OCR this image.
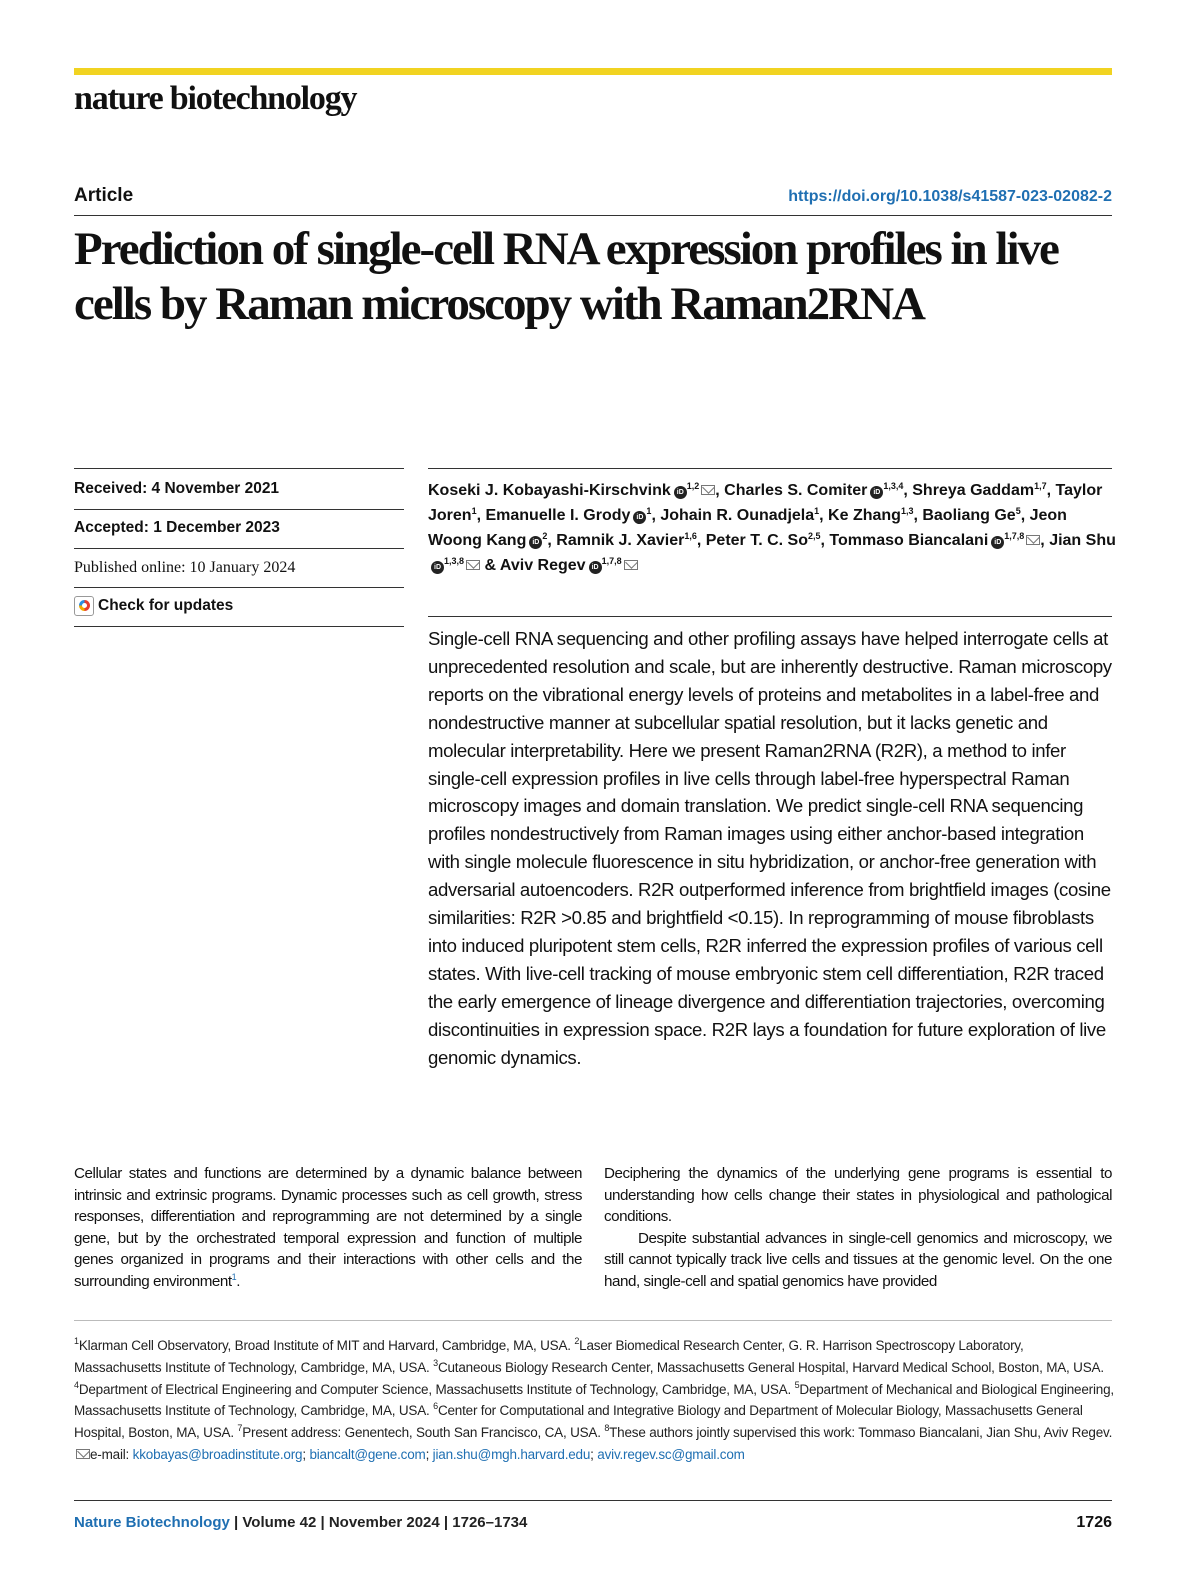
nature biotechnology
Article	https://doi.org/10.1038/s41587-023-02082-2
Prediction of single-cell RNA expression profiles in live cells by Raman microscopy with Raman2RNA
Received: 4 November 2021
Accepted: 1 December 2023
Published online: 10 January 2024
Check for updates
Koseki J. Kobayashi-Kirschvink iD$^{1,2}$ , Charles S. Comiter iD$^{1,3,4}$, Shreya Gaddam$^{1,7}$, Taylor Joren$^1$, Emanuelle I. Grody $iD^1$, Johain R. Ounadjela$^1$, Ke Zhang$^{1,3}$, Baoliang Ge$^5$, Jeon Woong Kang $iD^2$, Ramnik J. Xavier$^{1,6}$, Peter T. C. So$^{2,5}$, Tommaso Biancalani iD$^{1,7,8}$ , Jian ShuiD$^{1,3,8}$ & Aviv Regev iD$^{1,7,8}$

Single-cell RNA sequencing and other profiling assays have helped interrogate cells at unprecedented resolution and scale, but are inherently destructive. Raman microscopy reports on the vibrational energy levels of proteins and metabolites in a label-free and nondestructive manner at subcellular spatial resolution, but it lacks genetic and molecular interpretability. Here we present Raman2RNA (R2R), a method to infer single-cell expression profiles in live cells through label-free hyperspectral Raman microscopy images and domain translation. We predict single-cell RNA sequencing profiles nondestructively from Raman images using either anchor-based integration with single molecule fluorescence in situ hybridization, or anchor-free generation with adversarial autoencoders. R2R outperformed inference from brightfield images (cosine similarities: R2R >0.85 and brightfield <0.15). In reprogramming of mouse fibroblasts into induced pluripotent stem cells, R2R inferred the expression profiles of various cell states. With live-cell tracking of mouse embryonic stem cell differentiation, R2R traced the early emergence of lineage divergence and differentiation trajectories, overcoming discontinuities in expression space. R2R lays a foundation for future exploration of live genomic dynamics.

Cellular states and functions are determined by a dynamic balance between intrinsic and extrinsic programs. Dynamic processes such as cell growth, stress responses, differentiation and reprogramming are not determined by a single gene, but by the orchestrated temporal expression and function of multiple genes organized in programs and their interactions with other cells and the surrounding environment$^1$.

Deciphering the dynamics of the underlying gene programs is essential to understanding how cells change their states in physiological and pathological conditions.

Despite substantial advances in single-cell genomics and microscopy, we still cannot typically track live cells and tissues at the genomic level. On the one hand, single-cell and spatial genomics have provided

$^1$Klarman Cell Observatory, Broad Institute of MIT and Harvard, Cambridge, MA, USA. $^2$Laser Biomedical Research Center, G. R. Harrison Spectroscopy Laboratory, Massachusetts Institute of Technology, Cambridge, MA, USA. $^3$Cutaneous Biology Research Center, Massachusetts General Hospital, Harvard Medical School, Boston, MA, USA. $^4$Department of Electrical Engineering and Computer Science, Massachusetts Institute of Technology, Cambridge, MA, USA. $^5$Department of Mechanical and Biological Engineering, Massachusetts Institute of Technology, Cambridge, MA, USA. $^6$Center for Computational and Integrative Biology and Department of Molecular Biology, Massachusetts General Hospital, Boston, MA, USA. $^7$Present address: Genentech, South San Francisco, CA, USA. $^8$These authors jointly supervised this work: Tommaso Biancalani, Jian Shu, Aviv Regev. e-mail: kkobayas@broadinstitute.org; biancalt@gene.com; jian.shu@mgh.harvard.edu; aviv.regev.sc@gmail.com
Nature Biotechnology | Volume 42 | November 2024 | 1726–1734	1726
